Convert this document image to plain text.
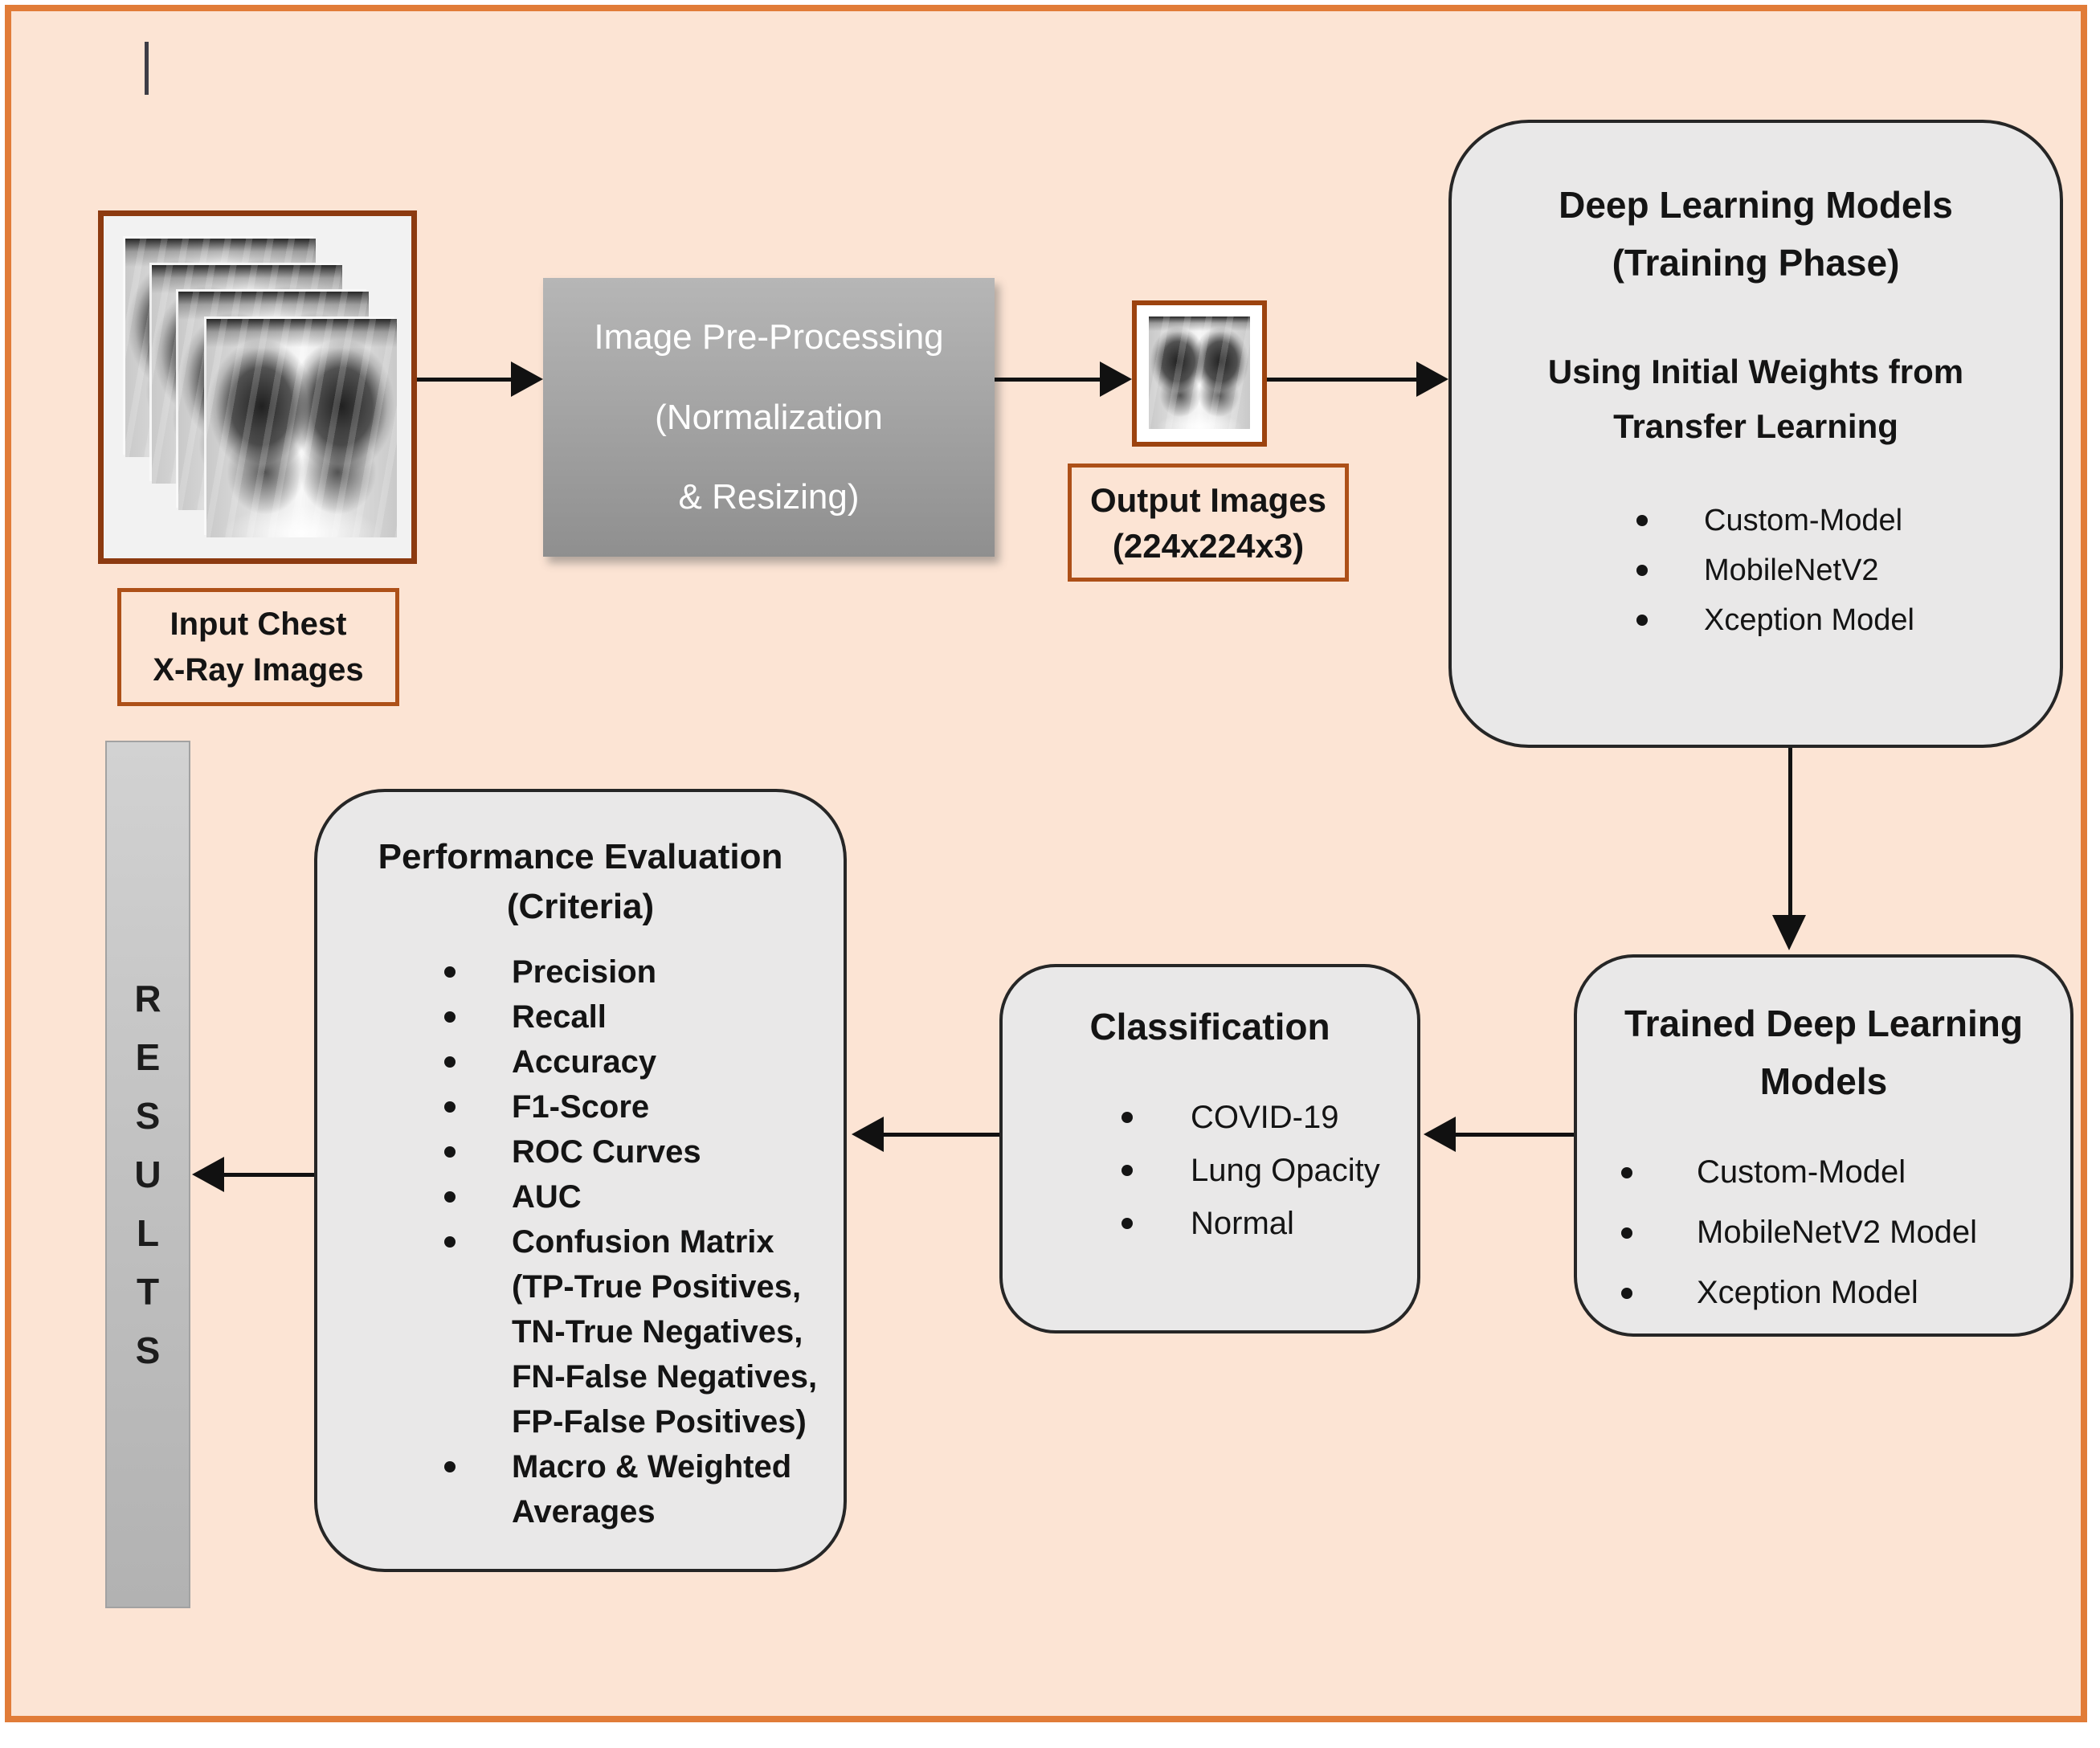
Input Chest
X-Ray Images
Image Pre-Processing
(Normalization
& Resizing)	Output Images
(224x224x3)
Deep Learning Models
(Training Phase)
Using Initial Weights from
Transfer Learning
Custom-Model
MobileNetV2
Xception Model
Trained Deep Learning
Models
Custom-Model
MobileNetV2 Model
Xception Model
Classification
COVID-19
Lung Opacity
Normal
Performance Evaluation
(Criteria)
Precision
Recall
Accuracy
F1-Score
ROC Curves
AUC
Confusion Matrix
(TP-True Positives,
TN-True Negatives,
FN-False Negatives,
FP-False Positives)
Macro & Weighted
Averages
R
E
S
U
L
T
S
